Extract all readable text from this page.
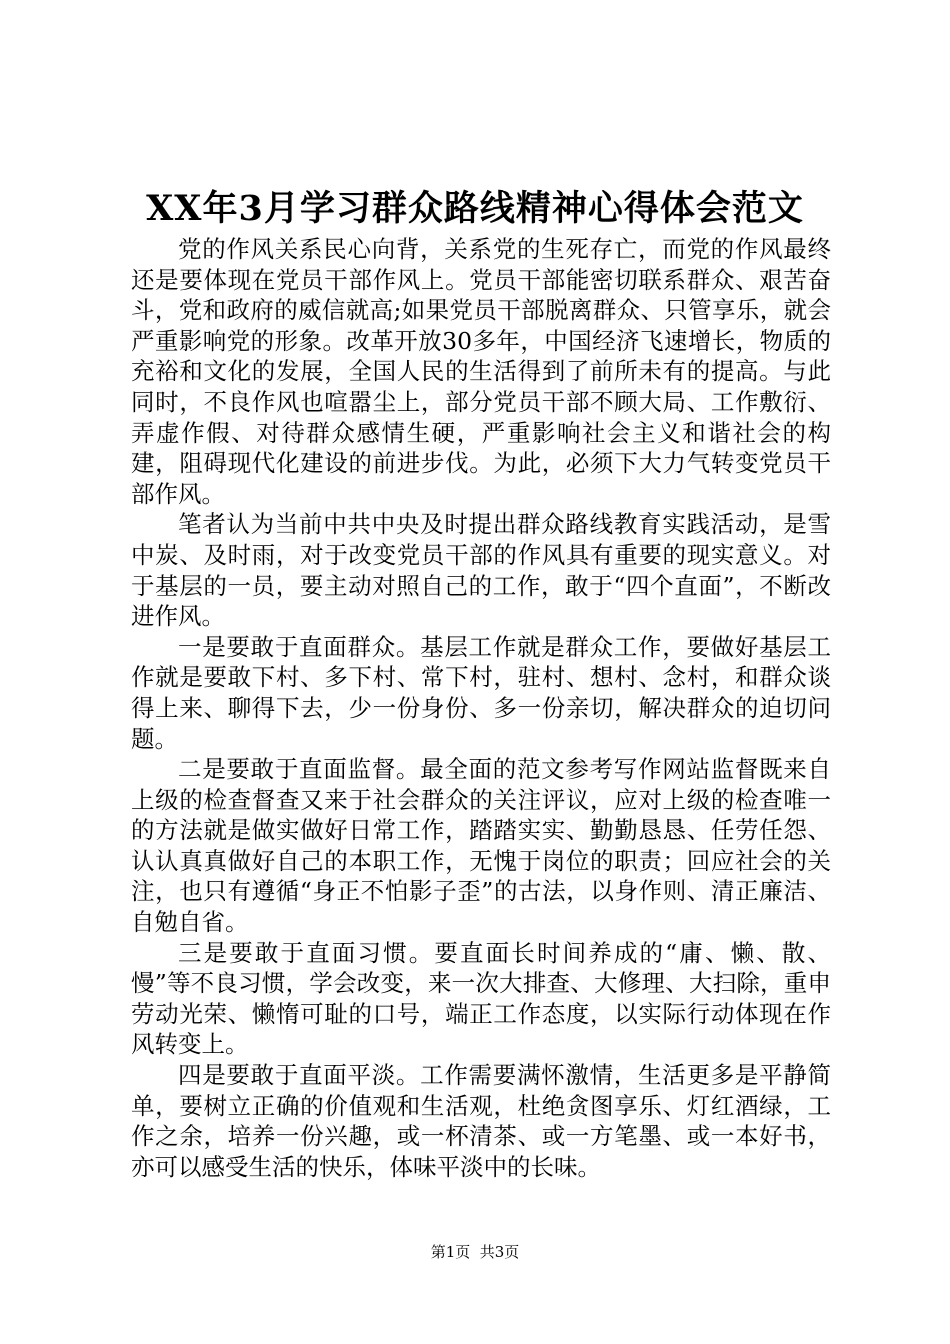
XX年3月学习群众路线精神心得体会范文

党的作风关系民心向背，关系党的生死存亡，而党的作风最终还是要体现在党员干部作风上。党员干部能密切联系群众、艰苦奋斗，党和政府的威信就高;如果党员干部脱离群众、只管享乐，就会严重影响党的形象。改革开放30多年，中国经济飞速增长，物质的充裕和文化的发展，全国人民的生活得到了前所未有的提高。与此同时，不良作风也喧嚣尘上，部分党员干部不顾大局、工作敷衍、弄虚作假、对待群众感情生硬，严重影响社会主义和谐社会的构建，阻碍现代化建设的前进步伐。为此，必须下大力气转变党员干部作风。

笔者认为当前中共中央及时提出群众路线教育实践活动，是雪中炭、及时雨，对于改变党员干部的作风具有重要的现实意义。对于基层的一员，要主动对照自己的工作，敢于“四个直面”，不断改进作风。

一是要敢于直面群众。基层工作就是群众工作，要做好基层工作就是要敢下村、多下村、常下村，驻村、想村、念村，和群众谈得上来、聊得下去，少一份身份、多一份亲切，解决群众的迫切问题。

二是要敢于直面监督。最全面的范文参考写作网站监督既来自上级的检查督查又来于社会群众的关注评议，应对上级的检查唯一的方法就是做实做好日常工作，踏踏实实、勤勤恳恳、任劳任怨、认认真真做好自己的本职工作，无愧于岗位的职责；回应社会的关注，也只有遵循“身正不怕影子歪”的古法，以身作则、清正廉洁、自勉自省。

三是要敢于直面习惯。要直面长时间养成的“庸、懒、散、慢”等不良习惯，学会改变，来一次大排查、大修理、大扫除，重申劳动光荣、懒惰可耻的口号，端正工作态度，以实际行动体现在作风转变上。

四是要敢于直面平淡。工作需要满怀激情，生活更多是平静简单，要树立正确的价值观和生活观，杜绝贪图享乐、灯红酒绿，工作之余，培养一份兴趣，或一杯清茶、或一方笔墨、或一本好书，亦可以感受生活的快乐，体味平淡中的长味。

第1页  共3页
